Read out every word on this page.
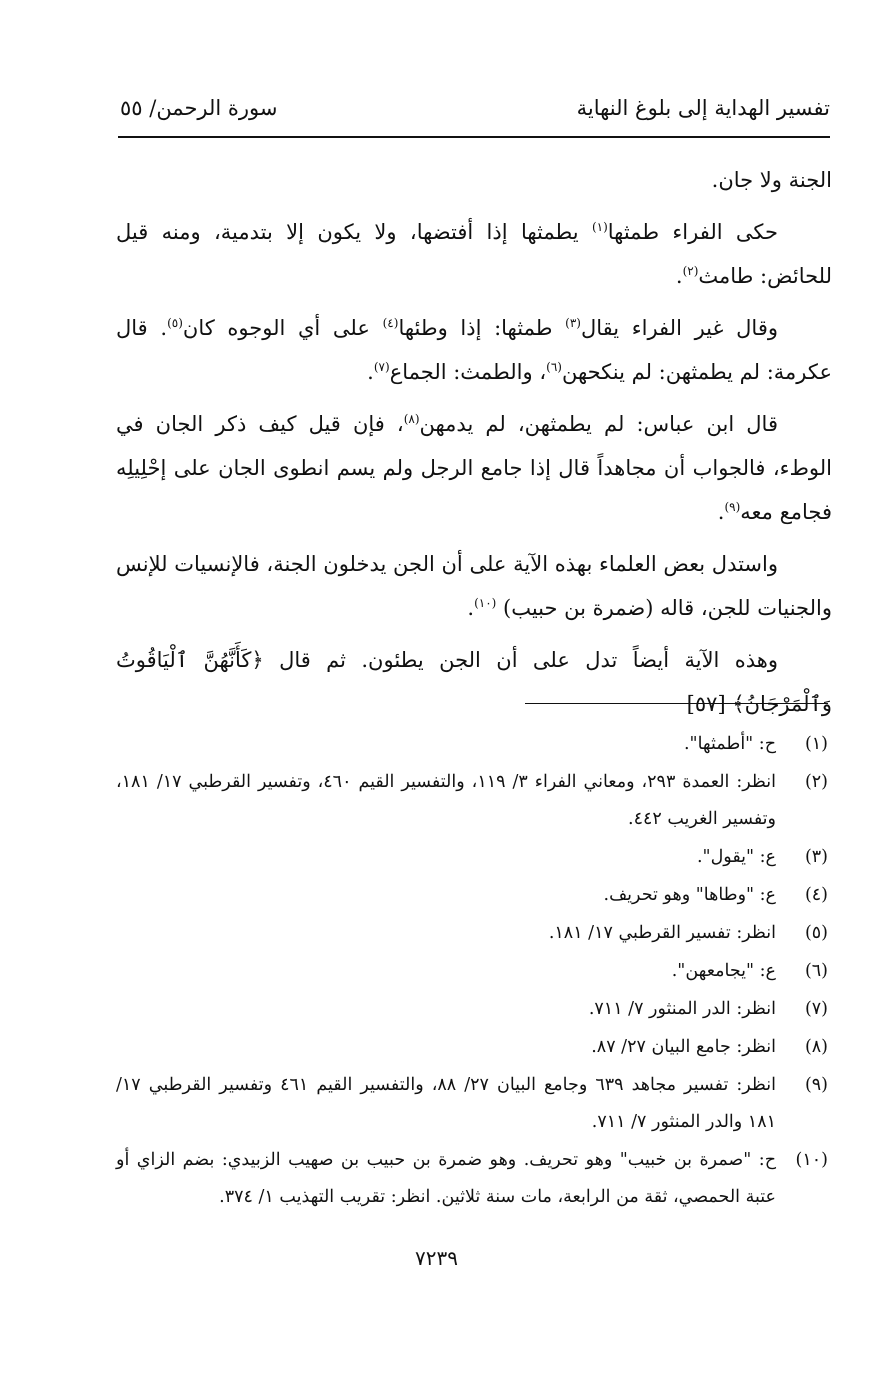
تفسير الهداية إلى بلوغ النهاية
سورة الرحمن/ ٥٥

الجنة ولا جان.

حكى الفراء طمثها$^{(١)}$ يطمثها إذا أفتضها، ولا يكون إلا بتدمية، ومنه قيل للحائض: طامث$^{(٢)}$.

وقال غير الفراء يقال$^{(٣)}$ طمثها: إذا وطئها$^{(٤)}$ على أي الوجوه كان$^{(٥)}$. قال عكرمة: لم يطمثهن: لم ينكحهن$^{(٦)}$، والطمث: الجماع$^{(٧)}$.

قال ابن عباس: لم يطمثهن، لم يدمهن$^{(٨)}$، فإن قيل كيف ذكر الجان في الوطء، فالجواب أن مجاهداً قال إذا جامع الرجل ولم يسم انطوى الجان على إحْلِيلِه فجامع معه$^{(٩)}$.

واستدل بعض العلماء بهذه الآية على أن الجن يدخلون الجنة، فالإنسيات للإنس والجنيات للجن، قاله (ضمرة بن حبيب) $^{(١٠)}$.

وهذه الآية أيضاً تدل على أن الجن يطئون. ثم قال ﴿كَأَنَّهُنَّ ٱلْيَاقُوتُ وَٱلْمَرْجَانُ﴾ [٥٧]

(١)
ح: "أطمثها".
(٢)
انظر: العمدة ٢٩٣، ومعاني الفراء ٣/ ١١٩، والتفسير القيم ٤٦٠، وتفسير القرطبي ١٧/ ١٨١، وتفسير الغريب ٤٤٢.
(٣)
ع: "يقول".
(٤)
ع: "وطاها" وهو تحريف.
(٥)
انظر: تفسير القرطبي ١٧/ ١٨١.
(٦)
ع: "يجامعهن".
(٧)
انظر: الدر المنثور ٧/ ٧١١.
(٨)
انظر: جامع البيان ٢٧/ ٨٧.
(٩)
انظر: تفسير مجاهد ٦٣٩ وجامع البيان ٢٧/ ٨٨، والتفسير القيم ٤٦١ وتفسير القرطبي ١٧/ ١٨١ والدر المنثور ٧/ ٧١١.
(١٠)
ح: "صمرة بن خبيب" وهو تحريف. وهو ضمرة بن حبيب بن صهيب الزبيدي: بضم الزاي أو عتبة الحمصي، ثقة من الرابعة، مات سنة ثلاثين. انظر: تقريب التهذيب ١/ ٣٧٤.
٧٢٣٩
